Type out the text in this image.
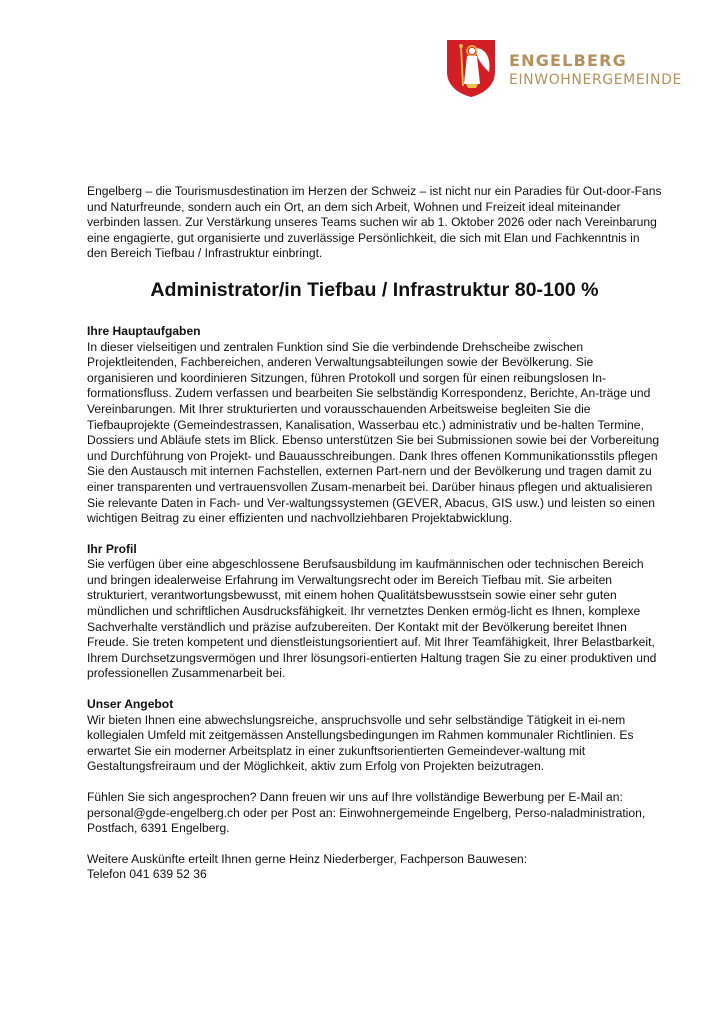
ENGELBERG
EINWOHNERGEMEINDE

Engelberg – die Tourismusdestination im Herzen der Schweiz – ist nicht nur ein Paradies für Out-door-Fans und Naturfreunde, sondern auch ein Ort, an dem sich Arbeit, Wohnen und Freizeit ideal miteinander verbinden lassen. Zur Verstärkung unseres Teams suchen wir ab 1. Oktober 2026 oder nach Vereinbarung eine engagierte, gut organisierte und zuverlässige Persönlichkeit, die sich mit Elan und Fachkenntnis in den Bereich Tiefbau / Infrastruktur einbringt.

Administrator/in Tiefbau / Infrastruktur 80-100 %
Ihre Hauptaufgaben

In dieser vielseitigen und zentralen Funktion sind Sie die verbindende Drehscheibe zwischen Projektleitenden, Fachbereichen, anderen Verwaltungsabteilungen sowie der Bevölkerung. Sie organisieren und koordinieren Sitzungen, führen Protokoll und sorgen für einen reibungslosen In-formationsfluss. Zudem verfassen und bearbeiten Sie selbständig Korrespondenz, Berichte, An-träge und Vereinbarungen. Mit Ihrer strukturierten und vorausschauenden Arbeitsweise begleiten Sie die Tiefbauprojekte (Gemeindestrassen, Kanalisation, Wasserbau etc.) administrativ und be-halten Termine, Dossiers und Abläufe stets im Blick. Ebenso unterstützen Sie bei Submissionen sowie bei der Vorbereitung und Durchführung von Projekt- und Bauausschreibungen. Dank Ihres offenen Kommunikationsstils pflegen Sie den Austausch mit internen Fachstellen, externen Part-nern und der Bevölkerung und tragen damit zu einer transparenten und vertrauensvollen Zusam-menarbeit bei. Darüber hinaus pflegen und aktualisieren Sie relevante Daten in Fach- und Ver-waltungssystemen (GEVER, Abacus, GIS usw.) und leisten so einen wichtigen Beitrag zu einer effizienten und nachvollziehbaren Projektabwicklung.

Ihr Profil

Sie verfügen über eine abgeschlossene Berufsausbildung im kaufmännischen oder technischen Bereich und bringen idealerweise Erfahrung im Verwaltungsrecht oder im Bereich Tiefbau mit. Sie arbeiten strukturiert, verantwortungsbewusst, mit einem hohen Qualitätsbewusstsein sowie einer sehr guten mündlichen und schriftlichen Ausdrucksfähigkeit. Ihr vernetztes Denken ermög-licht es Ihnen, komplexe Sachverhalte verständlich und präzise aufzubereiten. Der Kontakt mit der Bevölkerung bereitet Ihnen Freude. Sie treten kompetent und dienstleistungsorientiert auf. Mit Ihrer Teamfähigkeit, Ihrer Belastbarkeit, Ihrem Durchsetzungsvermögen und Ihrer lösungsori-entierten Haltung tragen Sie zu einer produktiven und professionellen Zusammenarbeit bei.

Unser Angebot

Wir bieten Ihnen eine abwechslungsreiche, anspruchsvolle und sehr selbständige Tätigkeit in ei-nem kollegialen Umfeld mit zeitgemässen Anstellungsbedingungen im Rahmen kommunaler Richtlinien. Es erwartet Sie ein moderner Arbeitsplatz in einer zukunftsorientierten Gemeindever-waltung mit Gestaltungsfreiraum und der Möglichkeit, aktiv zum Erfolg von Projekten beizutragen.

Fühlen Sie sich angesprochen? Dann freuen wir uns auf Ihre vollständige Bewerbung per E-Mail an: personal@gde-engelberg.ch oder per Post an: Einwohnergemeinde Engelberg, Perso-naladministration, Postfach, 6391 Engelberg.

Weitere Auskünfte erteilt Ihnen gerne Heinz Niederberger, Fachperson Bauwesen:

Telefon 041 639 52 36
